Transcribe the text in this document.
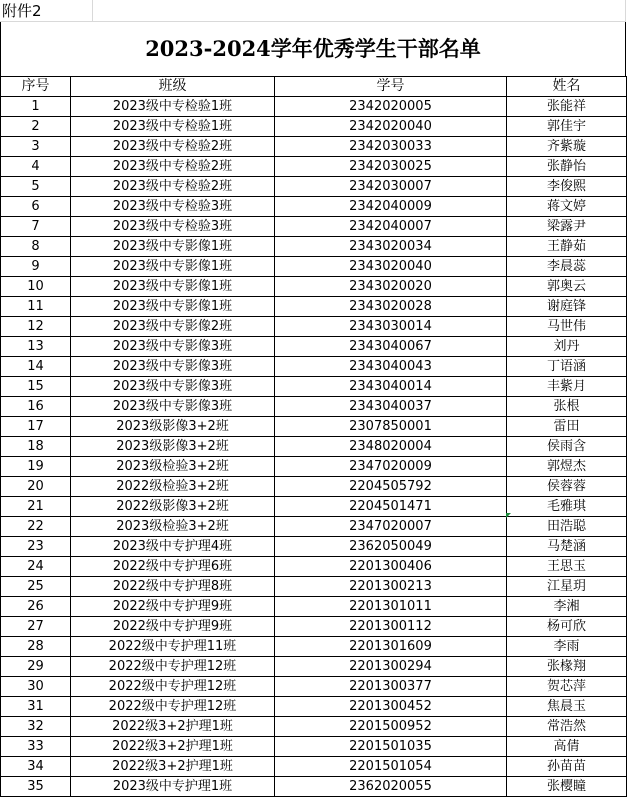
附件2
2023-2024学年优秀学生干部名单
序号	班级	学号	姓名
1	2023级中专检验1班	2342020005	张能祥
2	2023级中专检验1班	2342020040	郭佳宇
3	2023级中专检验2班	2342030033	齐紫璇
4	2023级中专检验2班	2342030025	张静怡
5	2023级中专检验2班	2342030007	李俊熙
6	2023级中专检验3班	2342040009	蒋文婷
7	2023级中专检验3班	2342040007	梁露尹
8	2023级中专影像1班	2343020034	王静茹
9	2023级中专影像1班	2343020040	李晨蕊
10	2023级中专影像1班	2343020020	郭奥云
11	2023级中专影像1班	2343020028	谢庭锋
12	2023级中专影像2班	2343030014	马世伟
13	2023级中专影像3班	2343040067	刘丹
14	2023级中专影像3班	2343040043	丁语涵
15	2023级中专影像3班	2343040014	丰紫月
16	2023级中专影像3班	2343040037	张根
17	2023级影像3+2班	2307850001	雷田
18	2023级影像3+2班	2348020004	侯雨含
19	2023级检验3+2班	2347020009	郭煜杰
20	2022级检验3+2班	2204505792	侯蓉蓉
21	2022级影像3+2班	2204501471	毛雅琪
22	2023级检验3+2班	2347020007	田浩聪
23	2023级中专护理4班	2362050049	马楚涵
24	2022级中专护理6班	2201300406	王思玉
25	2022级中专护理8班	2201300213	江星玥
26	2022级中专护理9班	2201301011	李湘
27	2022级中专护理9班	2201300112	杨可欣
28	2022级中专护理11班	2201301609	李雨
29	2022级中专护理12班	2201300294	张椽翔
30	2022级中专护理12班	2201300377	贺芯萍
31	2022级中专护理12班	2201300452	焦晨玉
32	2022级3+2护理1班	2201500952	常浩然
33	2022级3+2护理1班	2201501035	高倩
34	2022级3+2护理1班	2201501054	孙苗苗
35	2023级中专护理1班	2362020055	张樱瞳
